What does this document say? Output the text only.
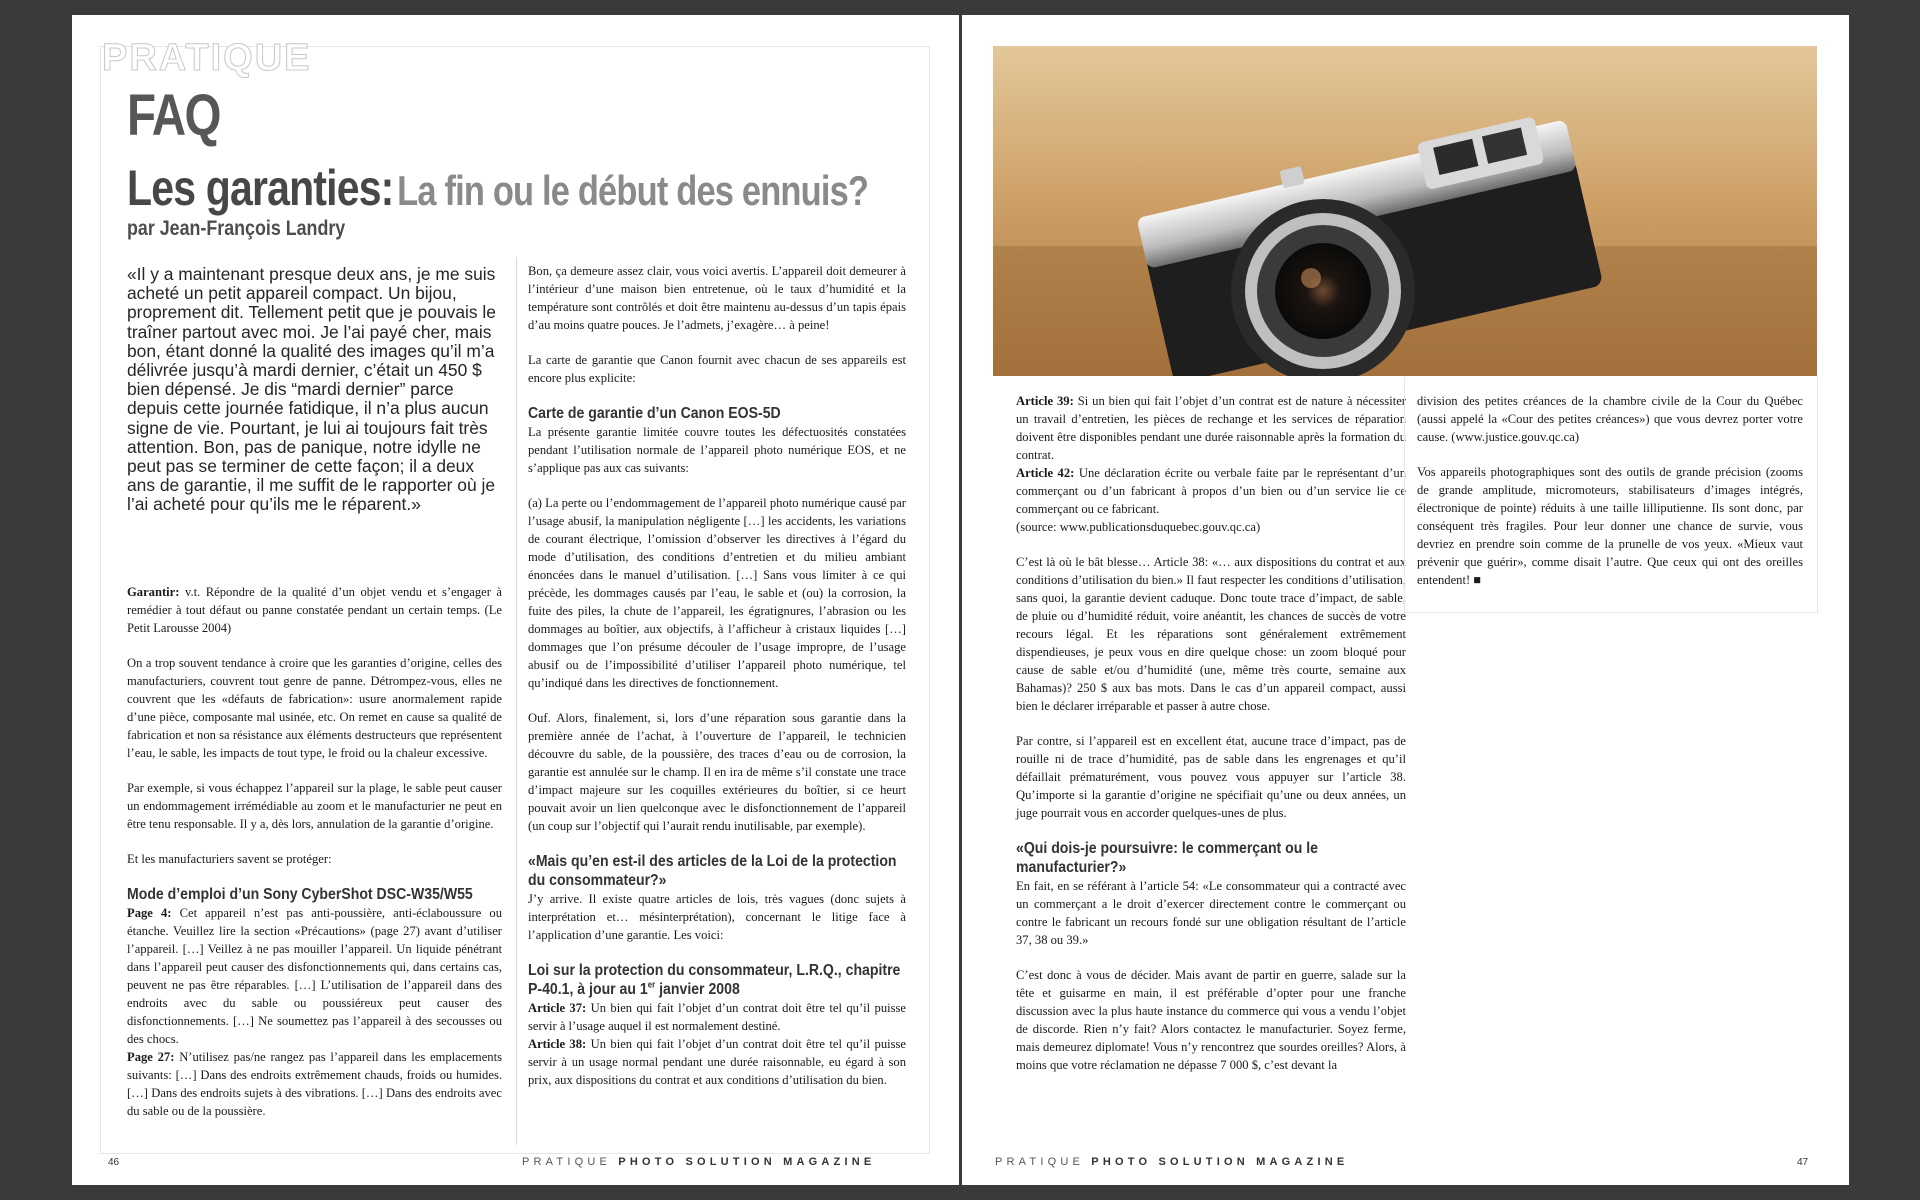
PRATIQUE
FAQ
Les garanties: La fin ou le début des ennuis?
par Jean-François Landry
«Il y a maintenant presque deux ans, je me suis acheté un petit appareil compact. Un bijou, proprement dit. Tellement petit que je pouvais le traîner partout avec moi. Je l’ai payé cher, mais bon, étant donné la qualité des images qu’il m’a délivrée jusqu’à mardi dernier, c’était un 450 $ bien dépensé. Je dis “mardi dernier” parce depuis cette journée fatidique, il n’a plus aucun signe de vie. Pourtant, je lui ai toujours fait très attention. Bon, pas de panique, notre idylle ne peut pas se terminer de cette façon; il a deux ans de garantie, il me suffit de le rapporter où je l’ai acheté pour qu’ils me le réparent.»

Garantir: v.t. Répondre de la qualité d’un objet vendu et s’engager à remédier à tout défaut ou panne constatée pendant un certain temps. (Le Petit Larousse 2004)

On a trop souvent tendance à croire que les garanties d’origine, celles des manufacturiers, couvrent tout genre de panne. Détrompez-vous, elles ne couvrent que les «défauts de fabrication»: usure anormalement rapide d’une pièce, composante mal usinée, etc. On remet en cause sa qualité de fabrication et non sa résistance aux éléments destructeurs que représentent l’eau, le sable, les impacts de tout type, le froid ou la chaleur excessive.

Par exemple, si vous échappez l’appareil sur la plage, le sable peut causer un endommagement irrémédiable au zoom et le manufacturier ne peut en être tenu responsable. Il y a, dès lors, annulation de la garantie d’origine.

Et les manufacturiers savent se protéger:

Mode d’emploi d’un Sony CyberShot DSC-W35/W55

Page 4: Cet appareil n’est pas anti-poussière, anti-éclaboussure ou étanche. Veuillez lire la section «Précautions» (page 27) avant d’utiliser l’appareil. […] Veillez à ne pas mouiller l’appareil. Un liquide pénétrant dans l’appareil peut causer des disfonctionnements qui, dans certains cas, peuvent ne pas être réparables. […] L’utilisation de l’appareil dans des endroits avec du sable ou poussiéreux peut causer des disfonctionnements. […] Ne soumettez pas l’appareil à des secousses ou des chocs.

Page 27: N’utilisez pas/ne rangez pas l’appareil dans les emplacements suivants: […] Dans des endroits extrêmement chauds, froids ou humides. […] Dans des endroits sujets à des vibrations. […] Dans des endroits avec du sable ou de la poussière.

Bon, ça demeure assez clair, vous voici avertis. L’appareil doit demeurer à l’intérieur d’une maison bien entretenue, où le taux d’humidité et la température sont contrôlés et doit être maintenu au-dessus d’un tapis épais d’au moins quatre pouces. Je l’admets, j’exagère… à peine!

La carte de garantie que Canon fournit avec chacun de ses appareils est encore plus explicite:

Carte de garantie d’un Canon EOS-5D

La présente garantie limitée couvre toutes les défectuosités constatées pendant l’utilisation normale de l’appareil photo numérique EOS, et ne s’applique pas aux cas suivants:

(a) La perte ou l’endommagement de l’appareil photo numérique causé par l’usage abusif, la manipulation négligente […] les accidents, les variations de courant électrique, l’omission d’observer les directives à l’égard du mode d’utilisation, des conditions d’entretien et du milieu ambiant énoncées dans le manuel d’utilisation. […] Sans vous limiter à ce qui précède, les dommages causés par l’eau, le sable et (ou) la corrosion, la fuite des piles, la chute de l’appareil, les égratignures, l’abrasion ou les dommages au boîtier, aux objectifs, à l’afficheur à cristaux liquides […] dommages que l’on présume découler de l’usage impropre, de l’usage abusif ou de l’impossibilité d’utiliser l’appareil photo numérique, tel qu’indiqué dans les directives de fonctionnement.

Ouf. Alors, finalement, si, lors d’une réparation sous garantie dans la première année de l’achat, à l’ouverture de l’appareil, le technicien découvre du sable, de la poussière, des traces d’eau ou de corrosion, la garantie est annulée sur le champ. Il en ira de même s’il constate une trace d’impact majeure sur les coquilles extérieures du boîtier, si ce heurt pouvait avoir un lien quelconque avec le disfonctionnement de l’appareil (un coup sur l’objectif qui l’aurait rendu inutilisable, par exemple).

«Mais qu’en est-il des articles de la Loi de la protection du consommateur?»

J’y arrive. Il existe quatre articles de lois, très vagues (donc sujets à interprétation et… mésinterprétation), concernant le litige face à l’application d’une garantie. Les voici:

Loi sur la protection du consommateur, L.R.Q., chapitre P-40.1, à jour au 1er janvier 2008

Article 37: Un bien qui fait l’objet d’un contrat doit être tel qu’il puisse servir à l’usage auquel il est normalement destiné.

Article 38: Un bien qui fait l’objet d’un contrat doit être tel qu’il puisse servir à un usage normal pendant une durée raisonnable, eu égard à son prix, aux dispositions du contrat et aux conditions d’utilisation du bien.

46	PRATIQUE PHOTO SOLUTION MAGAZINE

Article 39: Si un bien qui fait l’objet d’un contrat est de nature à nécessiter un travail d’entretien, les pièces de rechange et les services de réparation doivent être disponibles pendant une durée raisonnable après la formation du contrat.

Article 42: Une déclaration écrite ou verbale faite par le représentant d’un commerçant ou d’un fabricant à propos d’un bien ou d’un service lie ce commerçant ou ce fabricant.

(source: www.publicationsduquebec.gouv.qc.ca)

C’est là où le bât blesse… Article 38: «… aux dispositions du contrat et aux conditions d’utilisation du bien.» Il faut respecter les conditions d’utilisation, sans quoi, la garantie devient caduque. Donc toute trace d’impact, de sable, de pluie ou d’humidité réduit, voire anéantit, les chances de succès de votre recours légal. Et les réparations sont généralement extrêmement dispendieuses, je peux vous en dire quelque chose: un zoom bloqué pour cause de sable et/ou d’humidité (une, même très courte, semaine aux Bahamas)? 250 $ aux bas mots. Dans le cas d’un appareil compact, aussi bien le déclarer irréparable et passer à autre chose.

Par contre, si l’appareil est en excellent état, aucune trace d’impact, pas de rouille ni de trace d’humidité, pas de sable dans les engrenages et qu’il défaillait prématurément, vous pouvez vous appuyer sur l’article 38. Qu’importe si la garantie d’origine ne spécifiait qu’une ou deux années, un juge pourrait vous en accorder quelques-unes de plus.

«Qui dois-je poursuivre: le commerçant ou le manufacturier?»

En fait, en se référant à l’article 54: «Le consommateur qui a contracté avec un commerçant a le droit d’exercer directement contre le commerçant ou contre le fabricant un recours fondé sur une obligation résultant de l’article 37, 38 ou 39.»

C’est donc à vous de décider. Mais avant de partir en guerre, salade sur la tête et guisarme en main, il est préférable d’opter pour une franche discussion avec la plus haute instance du commerce qui vous a vendu l’objet de discorde. Rien n’y fait? Alors contactez le manufacturier. Soyez ferme, mais demeurez diplomate! Vous n’y rencontrez que sourdes oreilles? Alors, à moins que votre réclamation ne dépasse 7 000 $, c’est devant la

division des petites créances de la chambre civile de la Cour du Québec (aussi appelé la «Cour des petites créances») que vous devrez porter votre cause. (www.justice.gouv.qc.ca)

Vos appareils photographiques sont des outils de grande précision (zooms de grande amplitude, micromoteurs, stabilisateurs d’images intégrés, électronique de pointe) réduits à une taille lilliputienne. Ils sont donc, par conséquent très fragiles. Pour leur donner une chance de survie, vous devriez en prendre soin comme de la prunelle de vos yeux. «Mieux vaut prévenir que guérir», comme disait l’autre. Que ceux qui ont des oreilles entendent! ■

PRATIQUE PHOTO SOLUTION MAGAZINE	47
